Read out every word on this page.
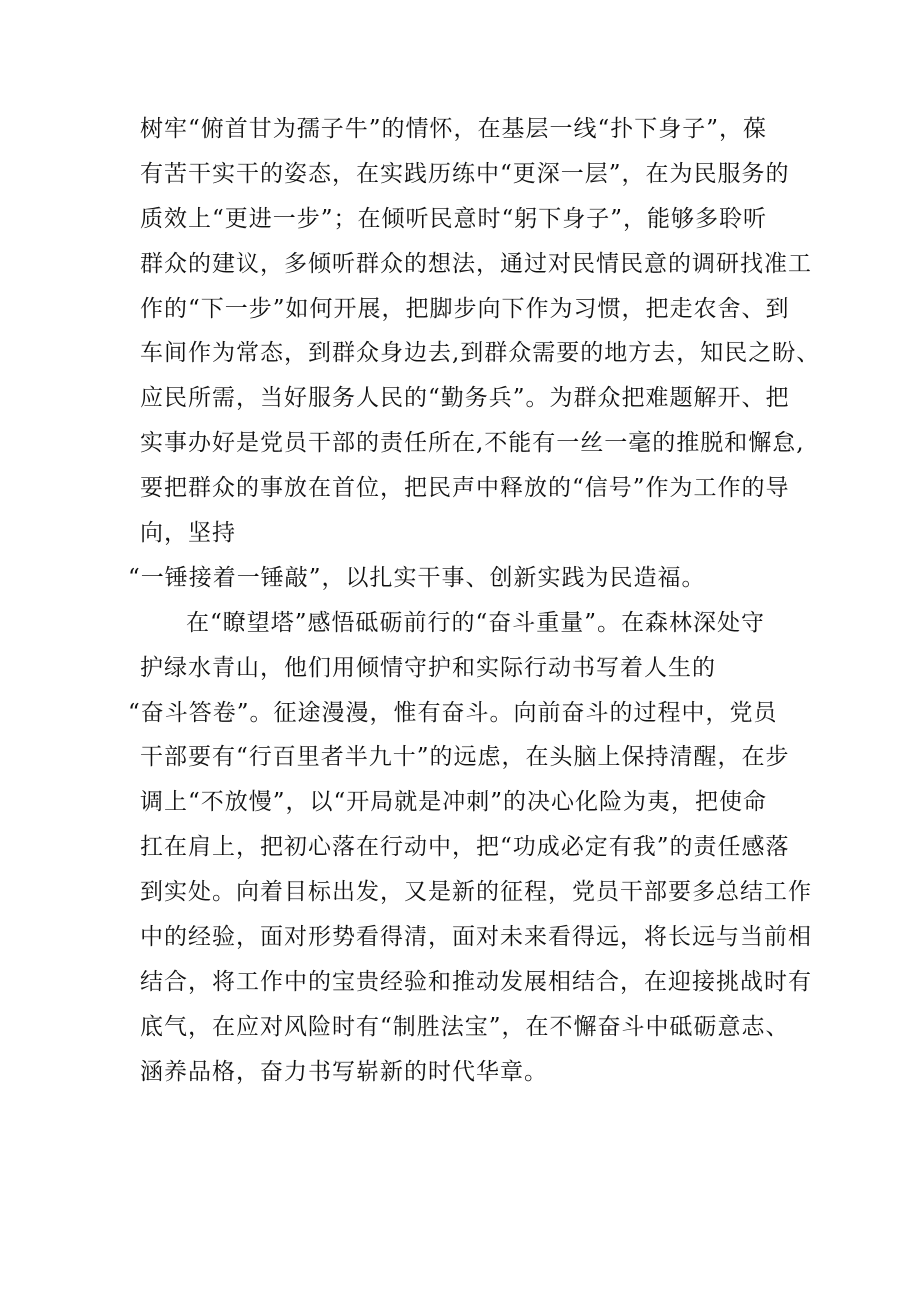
树牢“俯首甘为孺子牛”的情怀，在基层一线“扑下身子”，葆
有苦干实干的姿态，在实践历练中“更深一层”，在为民服务的
质效上“更进一步”；在倾听民意时“躬下身子”，能够多聆听
群众的建议，多倾听群众的想法，通过对民情民意的调研找准工
作的“下一步”如何开展，把脚步向下作为习惯，把走农舍、到
车间作为常态，到群众身边去,到群众需要的地方去，知民之盼、
应民所需，当好服务人民的“勤务兵”。为群众把难题解开、把
实事办好是党员干部的责任所在,不能有一丝一毫的推脱和懈怠,
要把群众的事放在首位，把民声中释放的“信号”作为工作的导
向，坚持
“一锤接着一锤敲”，以扎实干事、创新实践为民造福。
在“瞭望塔”感悟砥砺前行的“奋斗重量”。在森林深处守
护绿水青山，他们用倾情守护和实际行动书写着人生的
“奋斗答卷”。征途漫漫，惟有奋斗。向前奋斗的过程中，党员
干部要有“行百里者半九十”的远虑，在头脑上保持清醒，在步
调上“不放慢”，以“开局就是冲刺”的决心化险为夷，把使命
扛在肩上，把初心落在行动中，把“功成必定有我”的责任感落
到实处。向着目标出发，又是新的征程，党员干部要多总结工作
中的经验，面对形势看得清，面对未来看得远，将长远与当前相
结合，将工作中的宝贵经验和推动发展相结合，在迎接挑战时有
底气，在应对风险时有“制胜法宝”，在不懈奋斗中砥砺意志、
涵养品格，奋力书写崭新的时代华章。
